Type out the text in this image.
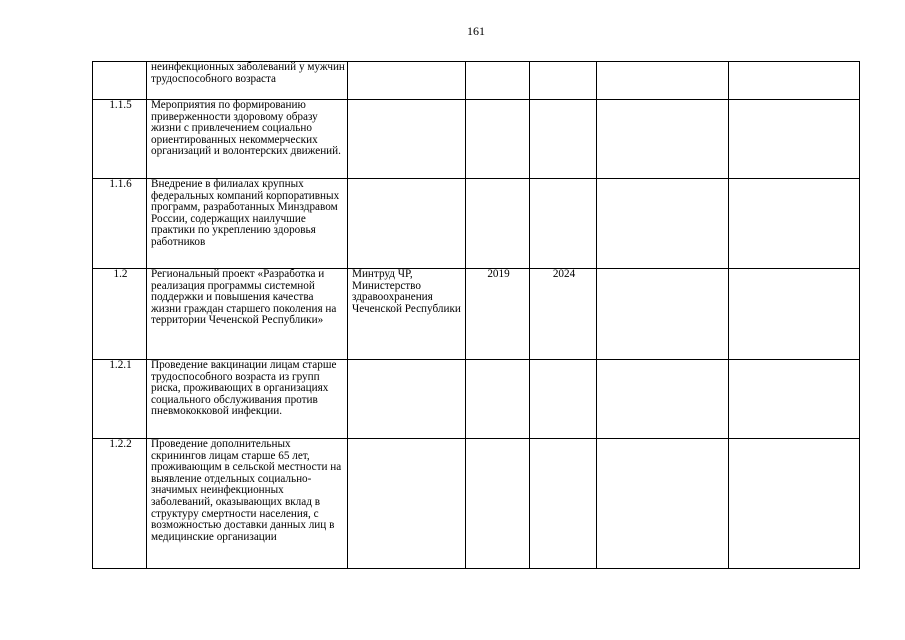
161
	неинфекционных заболеваний у мужчин трудоспособного возраста					
1.1.5	Мероприятия по формированию приверженности здоровому образу жизни с привлечением социально ориентированных некоммерческих организаций и волонтерских движений.					
1.1.6	Внедрение в филиалах крупных федеральных компаний корпоративных программ, разработанных Минздравом России, содержащих наилучшие практики по укреплению здоровья работников					
1.2	Региональный проект «Разработка и реализация программы системной поддержки и повышения качества жизни граждан старшего поколения на территории Чеченской Республики»	Минтруд ЧР, Министерство здравоохранения Чеченской Республики	2019	2024		
1.2.1	Проведение вакцинации лицам старше трудоспособного возраста из групп риска, проживающих в организациях социального обслуживания против пневмококковой инфекции.					
1.2.2	Проведение дополнительных скринингов лицам старше 65 лет, проживающим в сельской местности на выявление отдельных социально-значимых неинфекционных заболеваний, оказывающих вклад в структуру смертности населения, с возможностью доставки данных лиц в медицинские организации					
